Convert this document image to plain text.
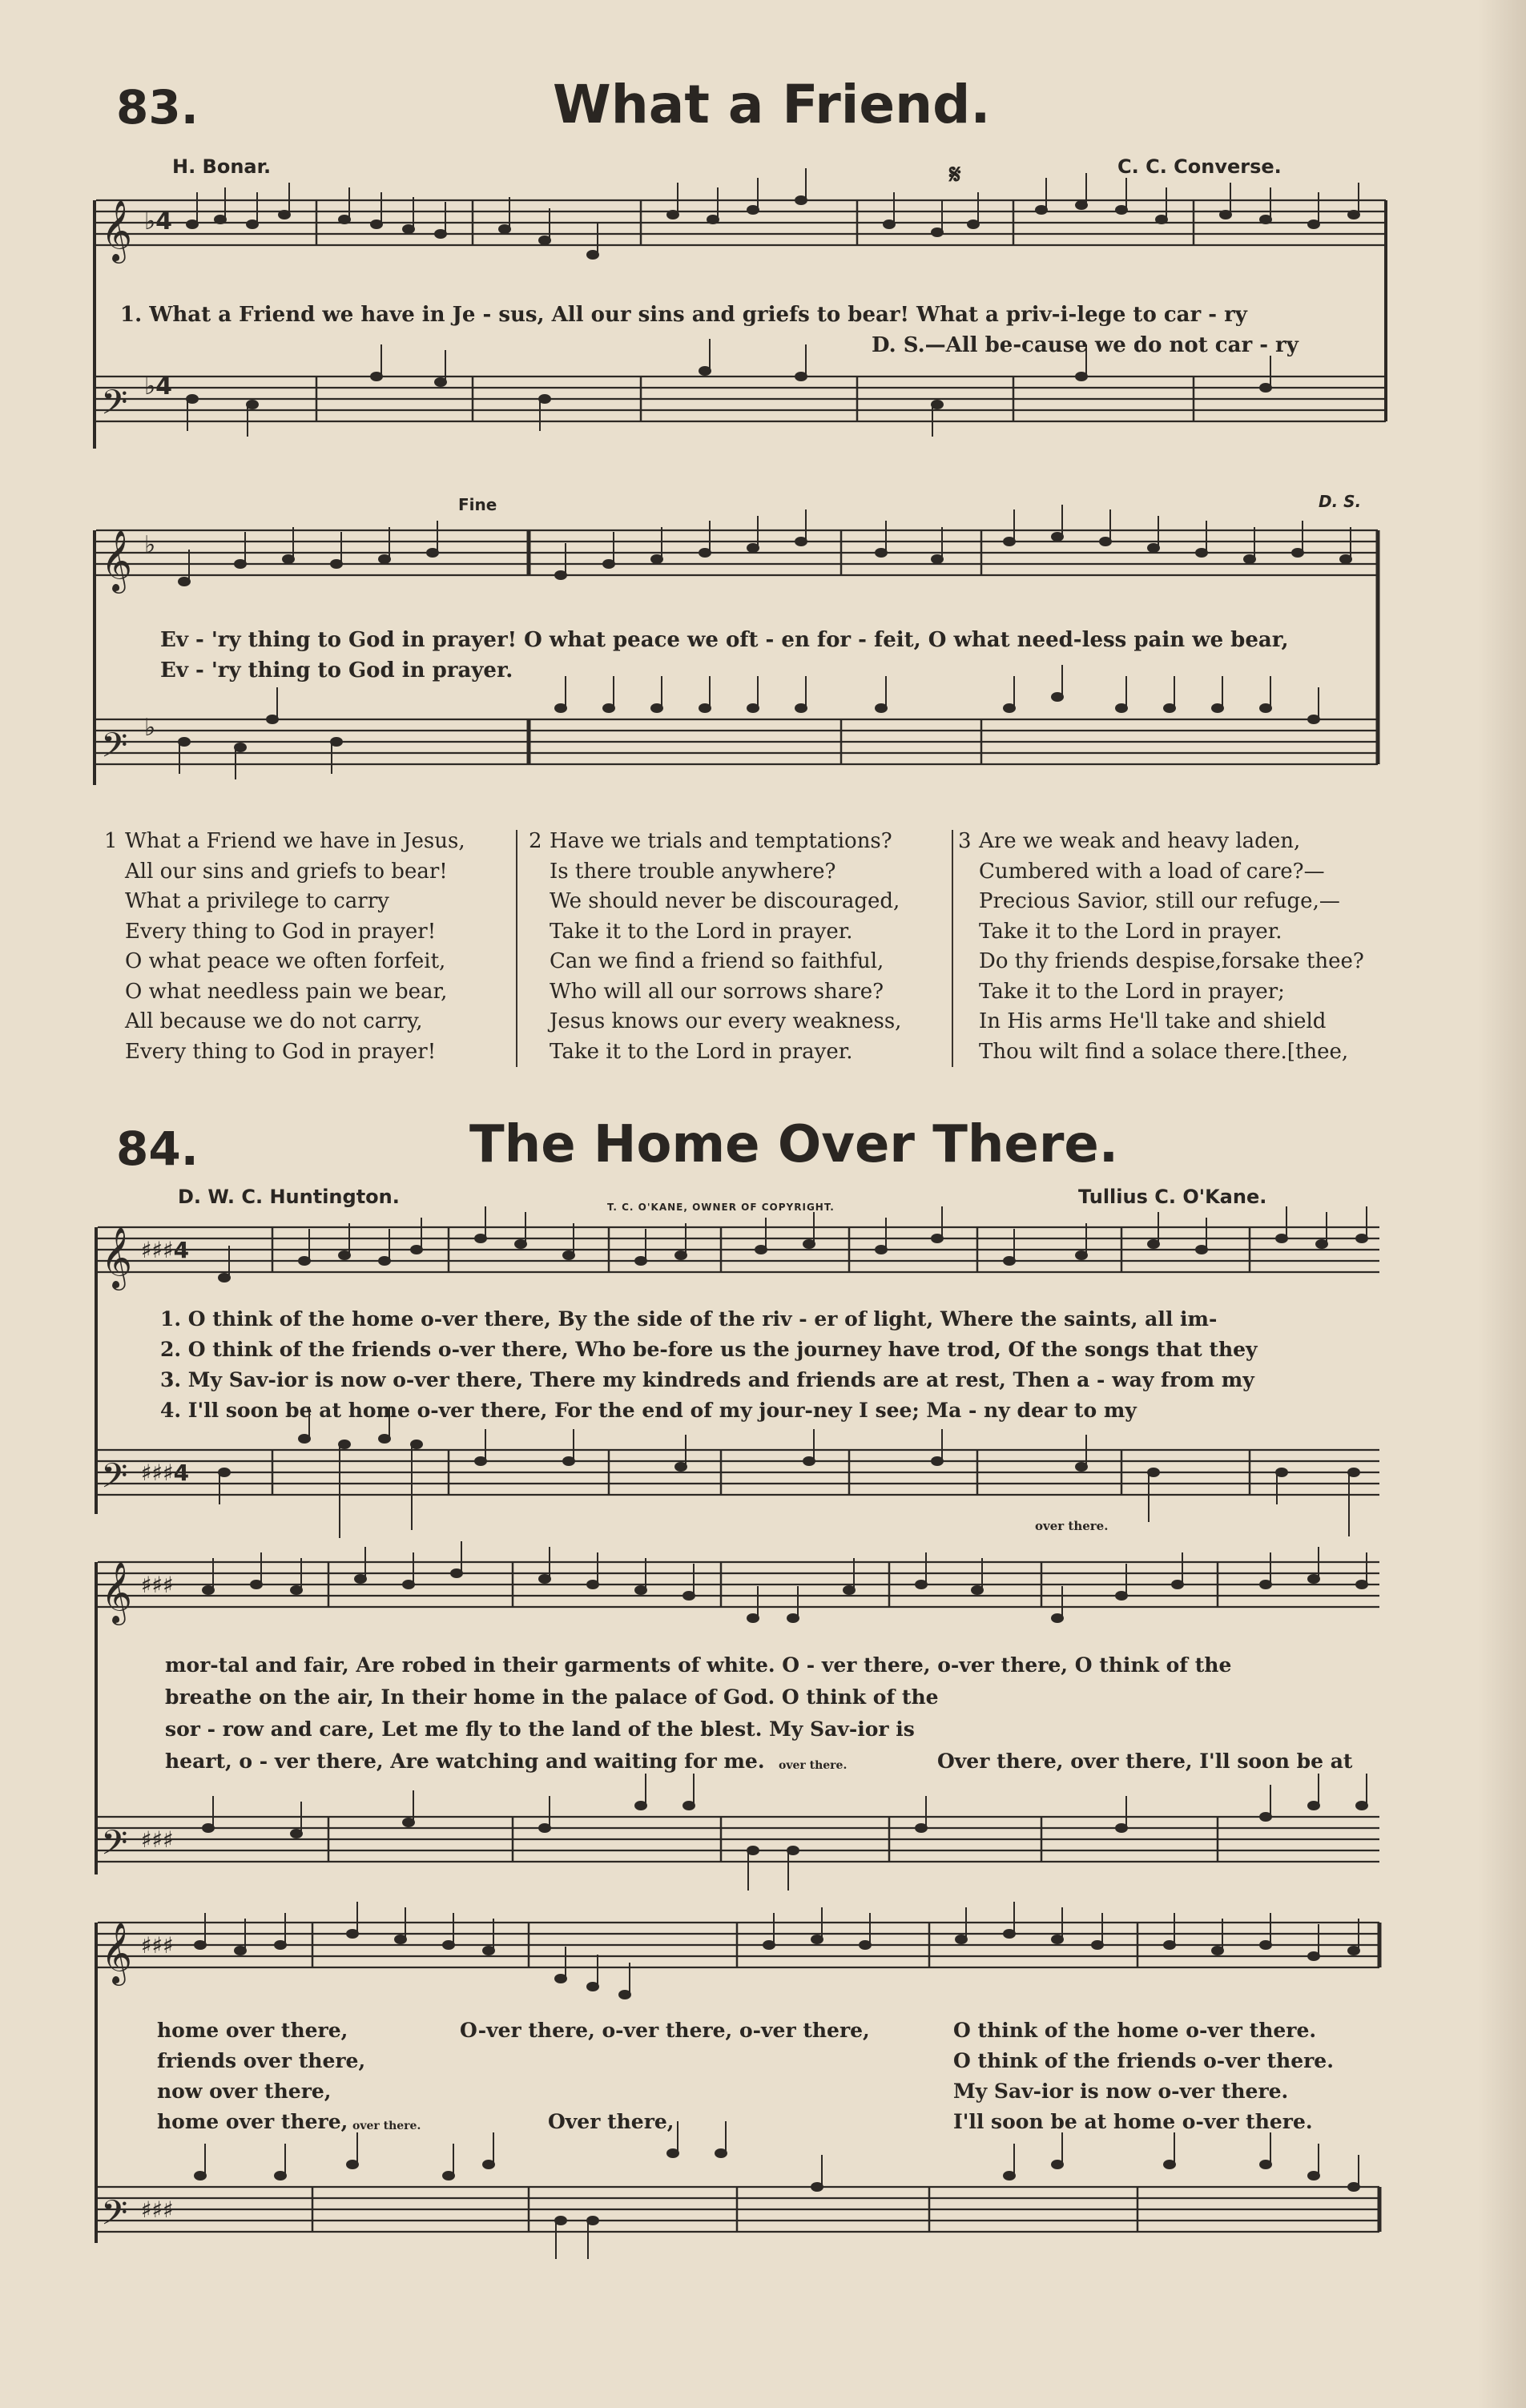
83.	What a Friend.
H. Bonar.	C. C. Converse.
𝄋
𝄞
𝄢
♭4
♭4
1. What a Friend we have in Je - sus, All our sins and griefs to bear! What a priv-i-lege to car - ry
D. S.—All be-cause we do not car - ry
Fine	D. S.
𝄞
𝄢
♭
♭
Ev - 'ry thing to God in prayer! O what peace we oft - en for - feit, O what need-less pain we bear,
Ev - 'ry thing to God in prayer.
1 What a Friend we have in Jesus,
All our sins and griefs to bear!
What a privilege to carry
Every thing to God in prayer!
O what peace we often forfeit,
O what needless pain we bear,
All because we do not carry,
Every thing to God in prayer!
2 Have we trials and temptations?
Is there trouble anywhere?
We should never be discouraged,
Take it to the Lord in prayer.
Can we find a friend so faithful,
Who will all our sorrows share?
Jesus knows our every weakness,
Take it to the Lord in prayer.
3 Are we weak and heavy laden,
Cumbered with a load of care?—
Precious Savior, still our refuge,—
Take it to the Lord in prayer.
Do thy friends despise,forsake thee?
Take it to the Lord in prayer;
In His arms He'll take and shield
Thou wilt find a solace there.[thee,
84.	The Home Over There.
D. W. C. Huntington.	T. C. O'KANE, OWNER OF COPYRIGHT.	Tullius C. O'Kane.
𝄞
𝄢
♯♯♯4
♯♯♯4
1. O think of the home o-ver there, By the side of the riv - er of light, Where the saints, all im-
2. O think of the friends o-ver there, Who be-fore us the journey have trod, Of the songs that they
3. My Sav-ior is now o-ver there, There my kindreds and friends are at rest, Then a - way from my
4. I'll soon be at home o-ver there, For the end of my jour-ney I see; Ma - ny dear to my
over there.
𝄞
𝄢
♯♯♯
♯♯♯
mor-tal and fair, Are robed in their garments of white. O - ver there, o-ver there, O think of the
breathe on the air, In their home in the palace of God. O think of the
sor - row and care, Let me fly to the land of the blest. My Sav-ior is
heart, o - ver there, Are watching and waiting for me. over there.	Over there, over there, I'll soon be at
𝄞
𝄢
♯♯♯
♯♯♯
home over there,
friends over there,
now over there,
home over there,
O-ver there, o-ver there, o-ver there,
over there.	Over there,
O think of the home o-ver there.
O think of the friends o-ver there.
My Sav-ior is now o-ver there.
I'll soon be at home o-ver there.
